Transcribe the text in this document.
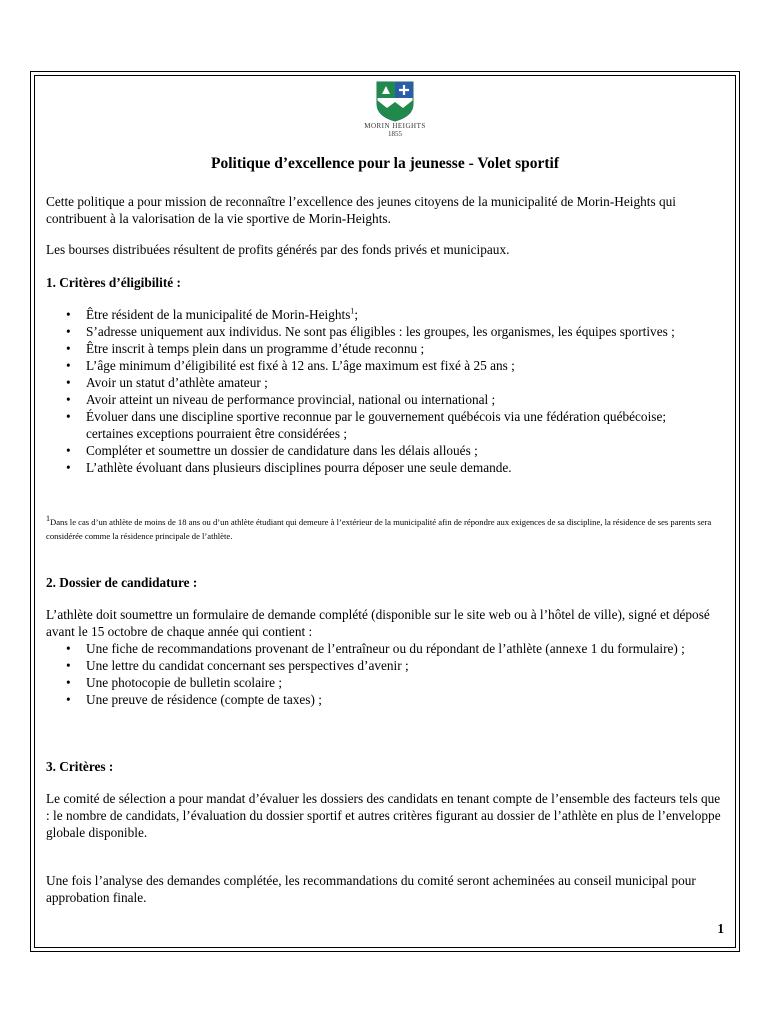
MORIN HEIGHTS
1855
Politique d’excellence pour la jeunesse - Volet sportif

Cette politique a pour mission de reconnaître l’excellence des jeunes citoyens de la municipalité de Morin-Heights qui contribuent à la valorisation de la vie sportive de Morin-Heights.

Les bourses distribuées résultent de profits générés par des fonds privés et municipaux.

1. Critères d’éligibilité :

• Être résident de la municipalité de Morin-Heights$^1$;
• S’adresse uniquement aux individus. Ne sont pas éligibles : les groupes, les organismes, les équipes sportives ;
• Être inscrit à temps plein dans un programme d’étude reconnu ;
• L’âge minimum d’éligibilité est fixé à 12 ans. L’âge maximum est fixé à 25 ans ;
• Avoir un statut d’athlète amateur ;
• Avoir atteint un niveau de performance provincial, national ou international ;
• Évoluer dans une discipline sportive reconnue par le gouvernement québécois via une fédération québécoise; certaines exceptions pourraient être considérées ;
• Compléter et soumettre un dossier de candidature dans les délais alloués ;
• L’athlète évoluant dans plusieurs disciplines pourra déposer une seule demande.

$^1$Dans le cas d’un athlète de moins de 18 ans ou d’un athlète étudiant qui demeure à l’extérieur de la municipalité afin de répondre aux exigences de sa discipline, la résidence de ses parents sera considérée comme la résidence principale de l’athlète.

2. Dossier de candidature :

L’athlète doit soumettre un formulaire de demande complété (disponible sur le site web ou à l’hôtel de ville), signé et déposé avant le 15 octobre de chaque année qui contient :

• Une fiche de recommandations provenant de l’entraîneur ou du répondant de l’athlète (annexe 1 du formulaire) ;
• Une lettre du candidat concernant ses perspectives d’avenir ;
• Une photocopie de bulletin scolaire ;
• Une preuve de résidence (compte de taxes) ;

3. Critères :

Le comité de sélection a pour mandat d’évaluer les dossiers des candidats en tenant compte de l’ensemble des facteurs tels que : le nombre de candidats, l’évaluation du dossier sportif et autres critères figurant au dossier de l’athlète en plus de l’enveloppe globale disponible.

Une fois l’analyse des demandes complétée, les recommandations du comité seront acheminées au conseil municipal pour approbation finale.

1
